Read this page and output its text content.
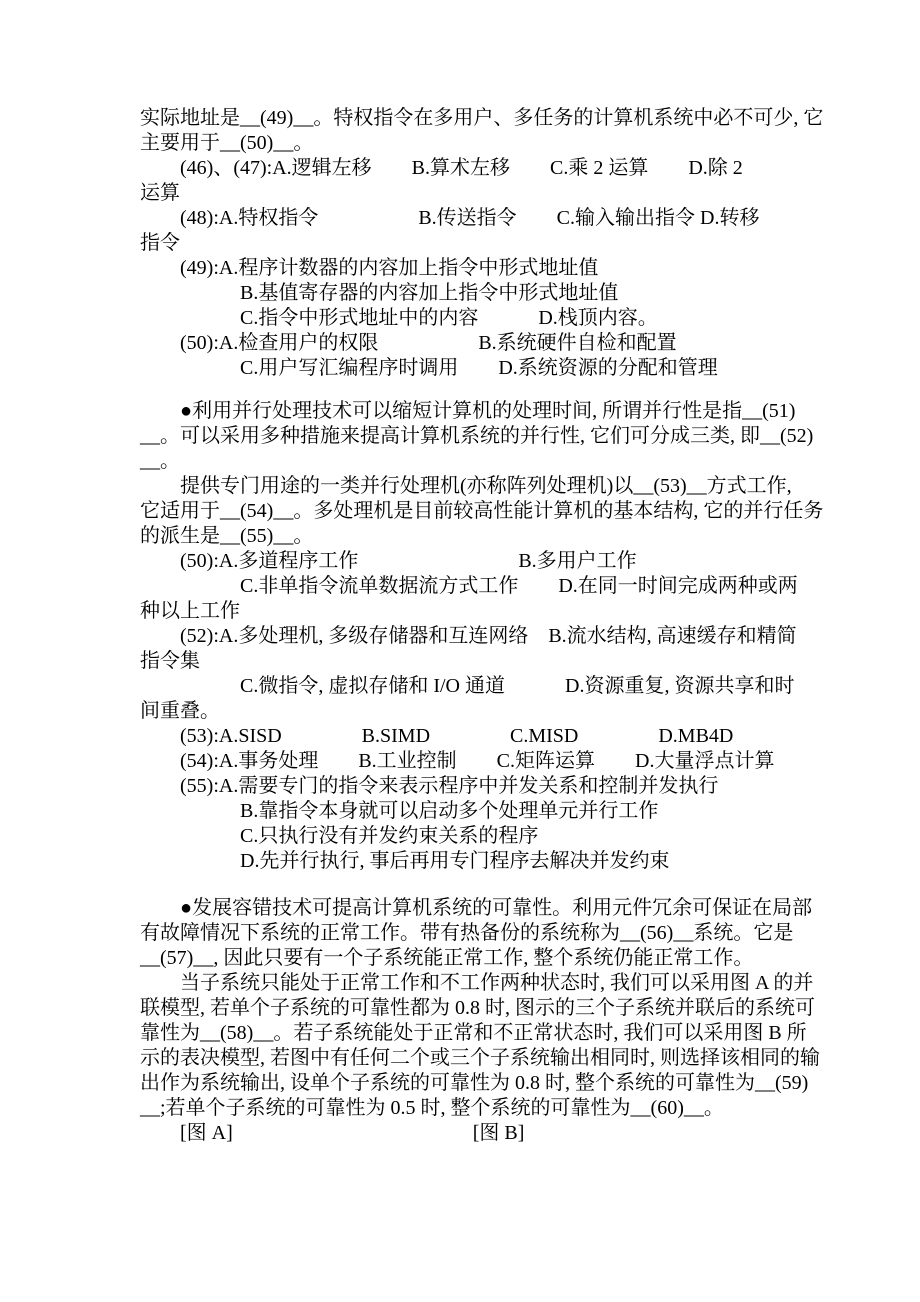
实际地址是__(49)__。特权指令在多用户、多任务的计算机系统中必不可少, 它
主要用于__(50)__。
(46)、(47):A.逻辑左移　　B.算术左移　　C.乘 2 运算　　D.除 2
运算
(48):A.特权指令　　　　　B.传送指令　　C.输入输出指令 D.转移
指令
(49):A.程序计数器的内容加上指令中形式地址值
B.基值寄存器的内容加上指令中形式地址值
C.指令中形式地址中的内容　　　D.栈顶内容。
(50):A.检查用户的权限　　　　　B.系统硬件自检和配置
C.用户写汇编程序时调用　　D.系统资源的分配和管理
●利用并行处理技术可以缩短计算机的处理时间, 所谓并行性是指__(51)
__。可以采用多种措施来提高计算机系统的并行性, 它们可分成三类, 即__(52)
__。
提供专门用途的一类并行处理机(亦称阵列处理机)以__(53)__方式工作,
它适用于__(54)__。多处理机是目前较高性能计算机的基本结构, 它的并行任务
的派生是__(55)__。
(50):A.多道程序工作　　　　　　　　B.多用户工作
C.非单指令流单数据流方式工作　　D.在同一时间完成两种或两
种以上工作
(52):A.多处理机, 多级存储器和互连网络　B.流水结构, 高速缓存和精简
指令集
C.微指令, 虚拟存储和 I/O 通道　　　D.资源重复, 资源共享和时
间重叠。
(53):A.SISD　　　　B.SIMD　　　　C.MISD　　　　D.MB4D
(54):A.事务处理　　B.工业控制　　C.矩阵运算　　D.大量浮点计算
(55):A.需要专门的指令来表示程序中并发关系和控制并发执行
B.靠指令本身就可以启动多个处理单元并行工作
C.只执行没有并发约束关系的程序
D.先并行执行, 事后再用专门程序去解决并发约束
●发展容错技术可提高计算机系统的可靠性。利用元件冗余可保证在局部
有故障情况下系统的正常工作。带有热备份的系统称为__(56)__系统。它是
__(57)__, 因此只要有一个子系统能正常工作, 整个系统仍能正常工作。
当子系统只能处于正常工作和不工作两种状态时, 我们可以采用图 A 的并
联模型, 若单个子系统的可靠性都为 0.8 时, 图示的三个子系统并联后的系统可
靠性为__(58)__。若子系统能处于正常和不正常状态时, 我们可以采用图 B 所
示的表决模型, 若图中有任何二个或三个子系统输出相同时, 则选择该相同的输
出作为系统输出, 设单个子系统的可靠性为 0.8 时, 整个系统的可靠性为__(59)
__;若单个子系统的可靠性为 0.5 时, 整个系统的可靠性为__(60)__。
[图 A]　　　　　　　　　　　　[图 B]
